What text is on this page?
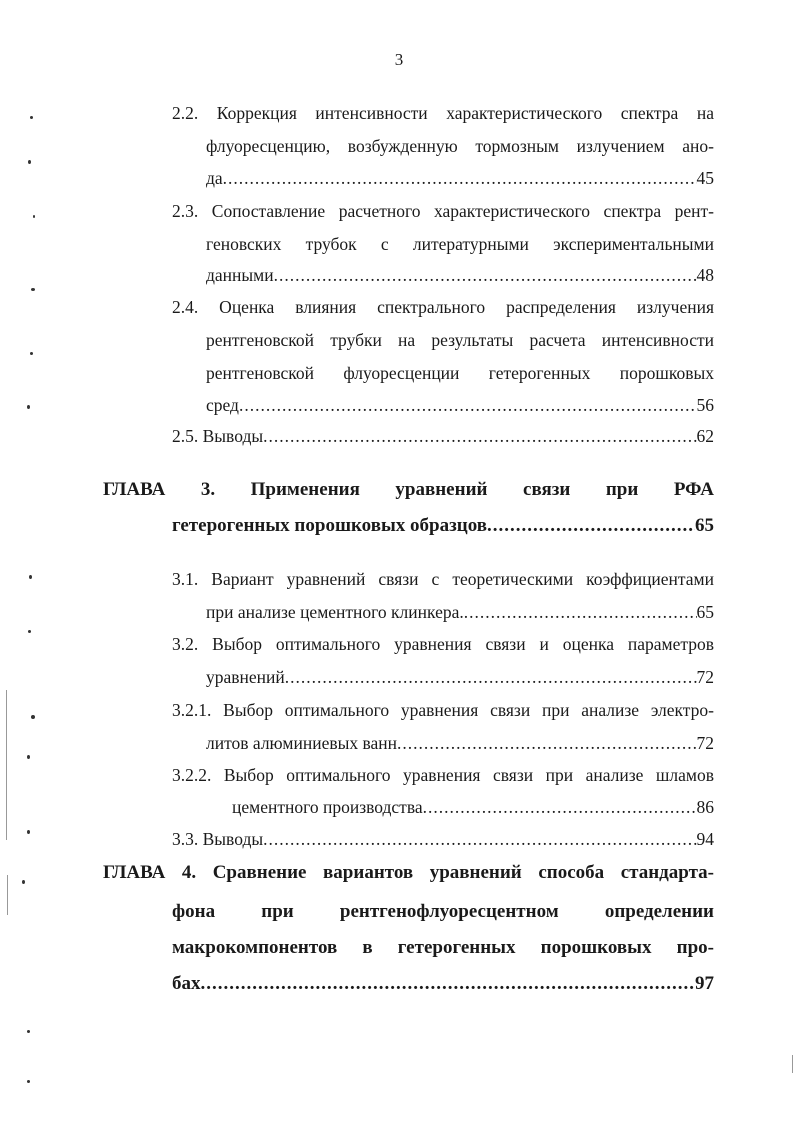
3
2.2. Коррекция интенсивности характеристического спектра на
флуоресценцию, возбужденную тормозным излучением ано-
да .....	45
2.3. Сопоставление расчетного характеристического спектра рент-
геновских трубок с литературными экспериментальными
данными .....	48
2.4. Оценка влияния спектрального распределения излучения
рентгеновской трубки на результаты расчета интенсивности
рентгеновской флуоресценции гетерогенных порошковых
сред .....	56
2.5. Выводы .....	62
ГЛАВА 3. Применения уравнений связи при РФА
гетерогенных порошковых образцов .....	65
3.1. Вариант уравнений связи с теоретическими коэффициентами
при анализе цементного клинкера. .....	65
3.2. Выбор оптимального уравнения связи и оценка параметров
уравнений .....	72
3.2.1. Выбор оптимального уравнения связи при анализе электро-
литов алюминиевых ванн .....	72
3.2.2. Выбор оптимального уравнения связи при анализе шламов
цементного производства .....	86
3.3. Выводы .....	94
ГЛАВА 4. Сравнение вариантов уравнений способа стандарта-
фона при рентгенофлуоресцентном определении
макрокомпонентов в гетерогенных порошковых про-
бах .....	97
